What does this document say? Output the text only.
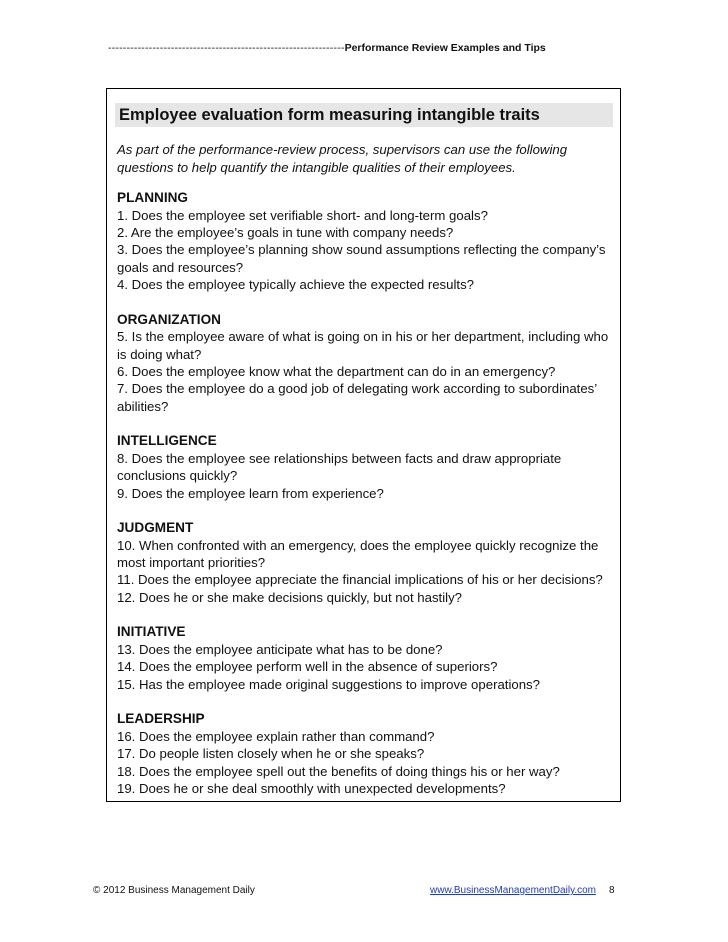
----------------------------------------------------------------Performance Review Examples and Tips
Employee evaluation form measuring intangible traits
As part of the performance-review process, supervisors can use the following questions to help quantify the intangible qualities of their employees.
PLANNING
1. Does the employee set verifiable short- and long-term goals?
2. Are the employee’s goals in tune with company needs?
3. Does the employee’s planning show sound assumptions reflecting the company’s goals and resources?
4. Does the employee typically achieve the expected results?
ORGANIZATION
5. Is the employee aware of what is going on in his or her department, including who is doing what?
6. Does the employee know what the department can do in an emergency?
7. Does the employee do a good job of delegating work according to subordinates’ abilities?
INTELLIGENCE
8. Does the employee see relationships between facts and draw appropriate conclusions quickly?
9. Does the employee learn from experience?
JUDGMENT
10. When confronted with an emergency, does the employee quickly recognize the most important priorities?
11. Does the employee appreciate the financial implications of his or her decisions?
12. Does he or she make decisions quickly, but not hastily?
INITIATIVE
13. Does the employee anticipate what has to be done?
14. Does the employee perform well in the absence of superiors?
15. Has the employee made original suggestions to improve operations?
LEADERSHIP
16. Does the employee explain rather than command?
17. Do people listen closely when he or she speaks?
18. Does the employee spell out the benefits of doing things his or her way?
19. Does he or she deal smoothly with unexpected developments?
© 2012 Business Management Daily	www.BusinessManagementDaily.com 8
